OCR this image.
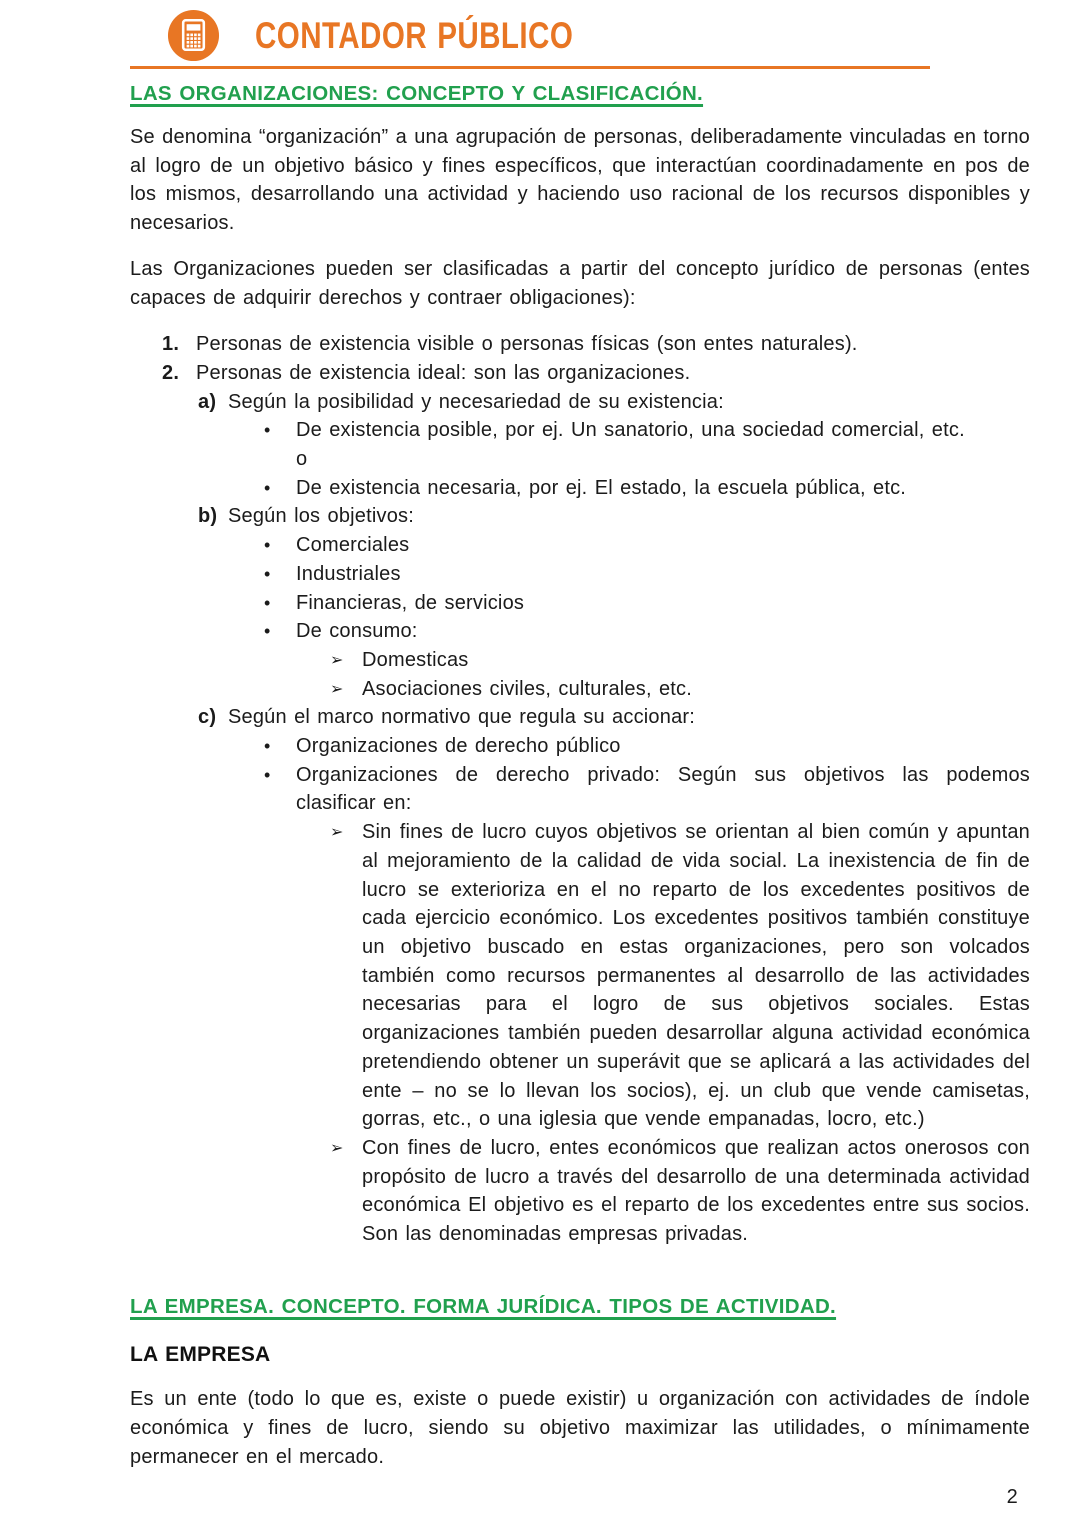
CONTADOR PÚBLICO
LAS ORGANIZACIONES: CONCEPTO Y CLASIFICACIÓN.

Se denomina “organización” a una agrupación de personas, deliberadamente vinculadas en torno al logro de un objetivo básico y fines específicos, que interactúan coordinadamente en pos de los mismos, desarrollando una actividad y haciendo uso racional de los recursos disponibles y necesarios.

Las Organizaciones pueden ser clasificadas a partir del concepto jurídico de personas (entes capaces de adquirir derechos y contraer obligaciones):

1. Personas de existencia visible o personas físicas (son entes naturales).
2. Personas de existencia ideal: son las organizaciones.
a) Según la posibilidad y necesariedad de su existencia:
•	De existencia posible, por ej. Un sanatorio, una sociedad comercial, etc.
o
•	De existencia necesaria, por ej. El estado, la escuela pública, etc.
b) Según los objetivos:
•	Comerciales
•	Industriales
•	Financieras, de servicios
•	De consumo:
➢ Domesticas
➢ Asociaciones civiles, culturales, etc.
c) Según el marco normativo que regula su accionar:
•	Organizaciones de derecho público
•	Organizaciones de derecho privado: Según sus objetivos las podemos clasificar en:
➢ Sin fines de lucro cuyos objetivos se orientan al bien común y apuntan al mejoramiento de la calidad de vida social. La inexistencia de fin de lucro se exterioriza en el no reparto de los excedentes positivos de cada ejercicio económico. Los excedentes positivos también constituye un objetivo buscado en estas organizaciones, pero son volcados también como recursos permanentes al desarrollo de las actividades necesarias para el logro de sus objetivos sociales. Estas organizaciones también pueden desarrollar alguna actividad económica pretendiendo obtener un superávit que se aplicará a las actividades del ente – no se lo llevan los socios), ej. un club que vende camisetas, gorras, etc., o una iglesia que vende empanadas, locro, etc.)
➢ Con fines de lucro, entes económicos que realizan actos onerosos con propósito de lucro a través del desarrollo de una determinada actividad económica El objetivo es el reparto de los excedentes entre sus socios. Son las denominadas empresas privadas.
LA EMPRESA. CONCEPTO. FORMA JURÍDICA. TIPOS DE ACTIVIDAD.
LA EMPRESA

Es un ente (todo lo que es, existe o puede existir) u organización con actividades de índole económica y fines de lucro, siendo su objetivo maximizar las utilidades, o mínimamente permanecer en el mercado.

2
